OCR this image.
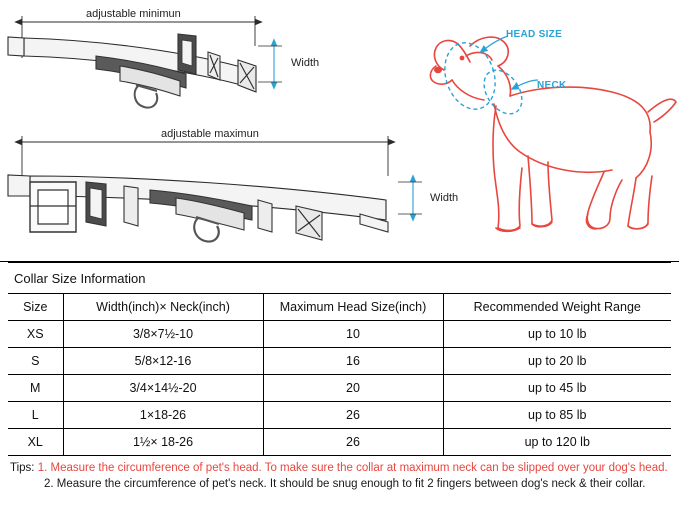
adjustable minimun
adjustable maximun
Width
Width
HEAD SIZE
NECK
Collar Size Information
Size	Width(inch)× Neck(inch)	Maximum Head Size(inch)	Recommended Weight Range
XS	3/8×7½-10	10	up to 10 lb
S	5/8×12-16	16	up to 20 lb
M	3/4×14½-20	20	up to 45 lb
L	1×18-26	26	up to 85 lb
XL	1½× 18-26	26	up to 120 lb
Tips: 1. Measure the circumference of pet's head. To make sure the collar at maximum neck can be slipped over your dog's head.
2. Measure the circumference of pet's neck. It should be snug enough to fit 2 fingers between dog's neck & their collar.
